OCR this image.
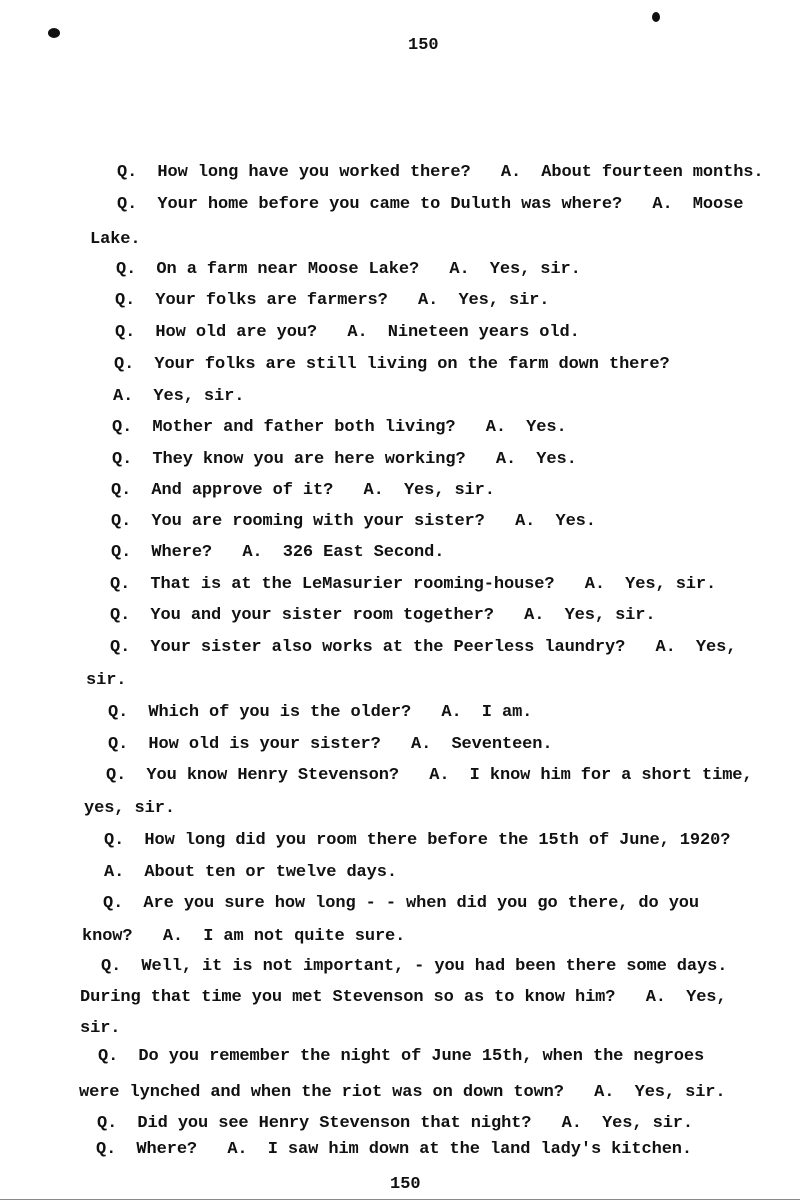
150
Q.  How long have you worked there?   A.  About fourteen months.
Q.  Your home before you came to Duluth was where?   A.  Moose
Lake.
Q.  On a farm near Moose Lake?   A.  Yes, sir.
Q.  Your folks are farmers?   A.  Yes, sir.
Q.  How old are you?   A.  Nineteen years old.
Q.  Your folks are still living on the farm down there?
A.  Yes, sir.
Q.  Mother and father both living?   A.  Yes.
Q.  They know you are here working?   A.  Yes.
Q.  And approve of it?   A.  Yes, sir.
Q.  You are rooming with your sister?   A.  Yes.
Q.  Where?   A.  326 East Second.
Q.  That is at the LeMasurier rooming-house?   A.  Yes, sir.
Q.  You and your sister room together?   A.  Yes, sir.
Q.  Your sister also works at the Peerless laundry?   A.  Yes,
sir.
Q.  Which of you is the older?   A.  I am.
Q.  How old is your sister?   A.  Seventeen.
Q.  You know Henry Stevenson?   A.  I know him for a short time,
yes, sir.
Q.  How long did you room there before the 15th of June, 1920?
A.  About ten or twelve days.
Q.  Are you sure how long - - when did you go there, do you
know?   A.  I am not quite sure.
Q.  Well, it is not important, - you had been there some days.
During that time you met Stevenson so as to know him?   A.  Yes,
sir.
Q.  Do you remember the night of June 15th, when the negroes
were lynched and when the riot was on down town?   A.  Yes, sir.
Q.  Did you see Henry Stevenson that night?   A.  Yes, sir.
Q.  Where?   A.  I saw him down at the land lady's kitchen.
150
